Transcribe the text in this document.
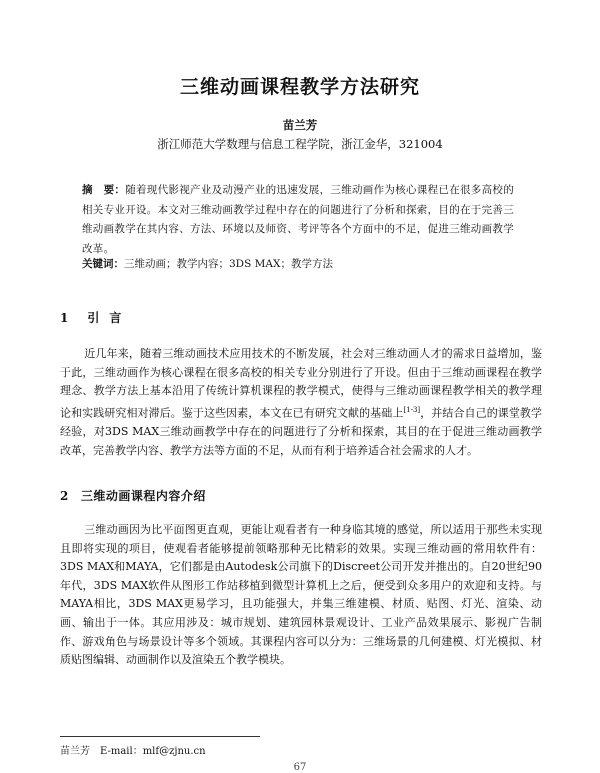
三维动画课程教学方法研究
苗兰芳
浙江师范大学数理与信息工程学院，浙江金华，321004
摘　要：随着现代影视产业及动漫产业的迅速发展，三维动画作为核心课程已在很多高校的相关专业开设。本文对三维动画教学过程中存在的问题进行了分析和探索，目的在于完善三维动画教学在其内容、方法、环境以及师资、考评等各个方面中的不足，促进三维动画教学改革。
关键词：三维动画；教学内容；3DS MAX；教学方法
1 引言
近几年来，随着三维动画技术应用技术的不断发展，社会对三维动画人才的需求日益增加，鉴于此，三维动画作为核心课程在很多高校的相关专业分别进行了开设。但由于三维动画课程在教学理念、教学方法上基本沿用了传统计算机课程的教学模式，使得与三维动画课程教学相关的教学理论和实践研究相对滞后。鉴于这些因素，本文在已有研究文献的基础上[1-3]，并结合自己的课堂教学经验，对3DS MAX三维动画教学中存在的问题进行了分析和探索，其目的在于促进三维动画教学改革，完善教学内容、教学方法等方面的不足，从而有利于培养适合社会需求的人才。
2 三维动画课程内容介绍
三维动画因为比平面图更直观，更能让观看者有一种身临其境的感觉，所以适用于那些未实现且即将实现的项目，使观看者能够提前领略那种无比精彩的效果。实现三维动画的常用软件有：3DS MAX和MAYA，它们都是由Autodesk公司旗下的Discreet公司开发并推出的。自20世纪90年代，3DS MAX软件从图形工作站移植到微型计算机上之后，便受到众多用户的欢迎和支持。与MAYA相比，3DS MAX更易学习，且功能强大，并集三维建模、材质、贴图、灯光、渲染、动画、输出于一体。其应用涉及：城市规划、建筑园林景观设计、工业产品效果展示、影视广告制作、游戏角色与场景设计等多个领域。其课程内容可以分为：三维场景的几何建模、灯光模拟、材质贴图编辑、动画制作以及渲染五个教学模块。
苗兰芳 E-mail：mlf@zjnu.cn
67
